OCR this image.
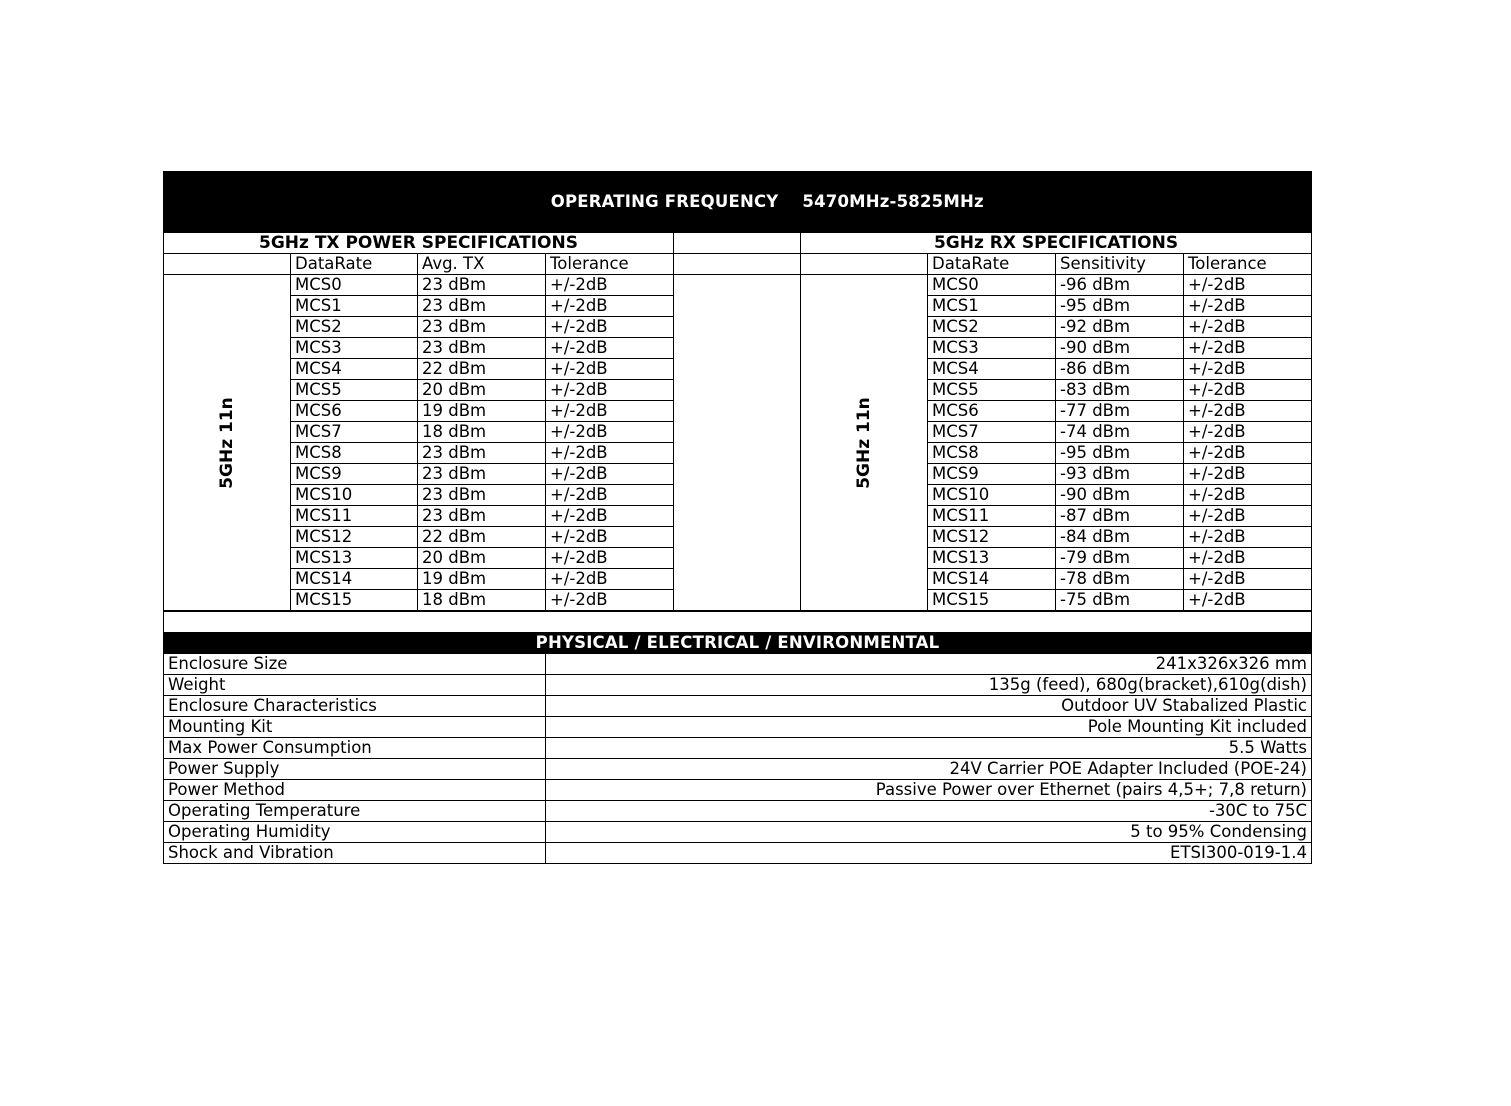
OPERATING FREQUENCY 5470MHz-5825MHz								

5GHz TX POWER SPECIFICATIONS					5GHz RX SPECIFICATIONS			
	DataRate	Avg. TX	Tolerance			DataRate	Sensitivity	Tolerance

5GHz 11n	MCS0	23 dBm	+/-2dB		5GHz 11n	MCS0	-96 dBm	+/-2dB
	MCS1	23 dBm	+/-2dB			MCS1	-95 dBm	+/-2dB
	MCS2	23 dBm	+/-2dB			MCS2	-92 dBm	+/-2dB
	MCS3	23 dBm	+/-2dB			MCS3	-90 dBm	+/-2dB
	MCS4	22 dBm	+/-2dB			MCS4	-86 dBm	+/-2dB
	MCS5	20 dBm	+/-2dB			MCS5	-83 dBm	+/-2dB
	MCS6	19 dBm	+/-2dB			MCS6	-77 dBm	+/-2dB
	MCS7	18 dBm	+/-2dB			MCS7	-74 dBm	+/-2dB
	MCS8	23 dBm	+/-2dB			MCS8	-95 dBm	+/-2dB
	MCS9	23 dBm	+/-2dB			MCS9	-93 dBm	+/-2dB
	MCS10	23 dBm	+/-2dB			MCS10	-90 dBm	+/-2dB
	MCS11	23 dBm	+/-2dB			MCS11	-87 dBm	+/-2dB
	MCS12	22 dBm	+/-2dB			MCS12	-84 dBm	+/-2dB
	MCS13	20 dBm	+/-2dB			MCS13	-79 dBm	+/-2dB
	MCS14	19 dBm	+/-2dB			MCS14	-78 dBm	+/-2dB
	MCS15	18 dBm	+/-2dB			MCS15	-75 dBm	+/-2dB

PHYSICAL / ELECTRICAL / ENVIRONMENTAL	
Enclosure Size	241x326x326 mm
Weight	135g (feed), 680g(bracket),610g(dish)
Enclosure Characteristics	Outdoor UV Stabalized Plastic
Mounting Kit	Pole Mounting Kit included
Max Power Consumption	5.5 Watts
Power Supply	24V Carrier POE Adapter Included (POE-24)
Power Method	Passive Power over Ethernet (pairs 4,5+; 7,8 return)
Operating Temperature	-30C to 75C
Operating Humidity	5 to 95% Condensing
Shock and Vibration	ETSI300-019-1.4
